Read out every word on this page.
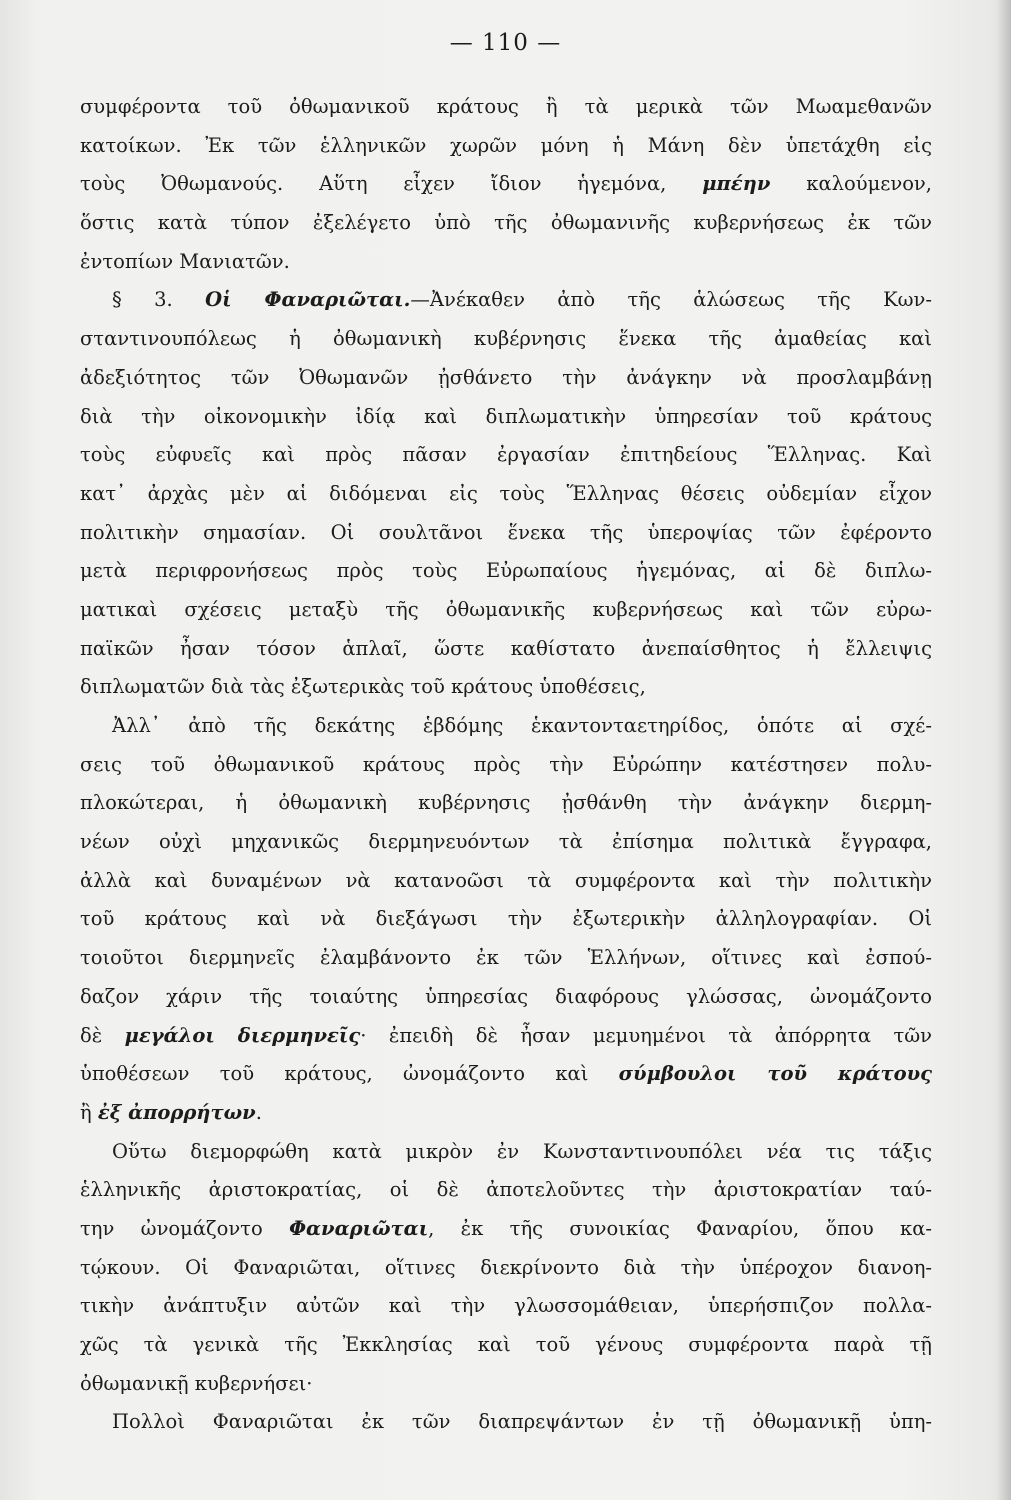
— 110 —
συμφέροντα τοῦ ὀθωμανικοῦ κράτους ἢ τὰ μερικὰ τῶν Μωαμεθανῶν
κατοίκων. Ἐκ τῶν ἑλληνικῶν χωρῶν μόνη ἡ Μάνη δὲν ὑπετάχθη εἰς
τοὺς Ὀθωμανούς. Αὕτη εἶχεν ἴδιον ἡγεμόνα, μπέην καλούμενον,
ὅστις κατὰ τύπον ἐξελέγετο ὑπὸ τῆς ὀθωμανινῆς κυβερνήσεως ἐκ τῶν
ἐντοπίων Μανιατῶν.
§ 3. Οἱ Φαναριῶται.—Ἀνέκαθεν ἀπὸ τῆς ἁλώσεως τῆς Κων-
σταντινουπόλεως ἡ ὀθωμανικὴ κυβέρνησις ἕνεκα τῆς ἀμαθείας καὶ
ἀδεξιότητος τῶν Ὀθωμανῶν ᾐσθάνετο τὴν ἀνάγκην νὰ προσλαμβάνῃ
διὰ τὴν οἰκονομικὴν ἰδίᾳ καὶ διπλωματικὴν ὑπηρεσίαν τοῦ κράτους
τοὺς εὐφυεῖς καὶ πρὸς πᾶσαν ἐργασίαν ἐπιτηδείους Ἕλληνας. Καὶ
κατ᾿ ἀρχὰς μὲν αἱ διδόμεναι εἰς τοὺς Ἕλληνας θέσεις οὐδεμίαν εἶχον
πολιτικὴν σημασίαν. Οἱ σουλτᾶνοι ἕνεκα τῆς ὑπεροψίας τῶν ἐφέροντο
μετὰ περιφρονήσεως πρὸς τοὺς Εὐρωπαίους ἡγεμόνας, αἱ δὲ διπλω-
ματικαὶ σχέσεις μεταξὺ τῆς ὀθωμανικῆς κυβερνήσεως καὶ τῶν εὐρω-
παϊκῶν ἦσαν τόσον ἁπλαῖ, ὥστε καθίστατο ἀνεπαίσθητος ἡ ἔλλειψις
διπλωματῶν διὰ τὰς ἐξωτερικὰς τοῦ κράτους ὑποθέσεις,
Ἀλλ᾿ ἀπὸ τῆς δεκάτης ἑβδόμης ἑκαντονταετηρίδος, ὁπότε αἱ σχέ-
σεις τοῦ ὀθωμανικοῦ κράτους πρὸς τὴν Εὐρώπην κατέστησεν πολυ-
πλοκώτεραι, ἡ ὀθωμανικὴ κυβέρνησις ᾐσθάνθη τὴν ἀνάγκην διερμη-
νέων οὐχὶ μηχανικῶς διερμηνευόντων τὰ ἐπίσημα πολιτικὰ ἔγγραφα,
ἀλλὰ καὶ δυναμένων νὰ κατανοῶσι τὰ συμφέροντα καὶ τὴν πολιτικὴν
τοῦ κράτους καὶ νὰ διεξάγωσι τὴν ἐξωτερικὴν ἀλληλογραφίαν. Οἱ
τοιοῦτοι διερμηνεῖς ἐλαμβάνοντο ἐκ τῶν Ἑλλήνων, οἵτινες καὶ ἐσπού-
δαζον χάριν τῆς τοιαύτης ὑπηρεσίας διαφόρους γλώσσας, ὠνομάζοντο
δὲ μεγάλοι διερμηνεῖς· ἐπειδὴ δὲ ἦσαν μεμυημένοι τὰ ἀπόρρητα τῶν
ὑποθέσεων τοῦ κράτους, ὠνομάζοντο καὶ σύμβουλοι τοῦ κράτους
ἢ ἐξ ἀπορρήτων.
Οὕτω διεμορφώθη κατὰ μικρὸν ἐν Κωνσταντινουπόλει νέα τις τάξις
ἑλληνικῆς ἀριστοκρατίας, οἱ δὲ ἀποτελοῦντες τὴν ἀριστοκρατίαν ταύ-
την ὠνομάζοντο Φαναριῶται, ἐκ τῆς συνοικίας Φαναρίου, ὅπου κα-
τῴκουν. Οἱ Φαναριῶται, οἵτινες διεκρίνοντο διὰ τὴν ὑπέροχον διανοη-
τικὴν ἀνάπτυξιν αὐτῶν καὶ τὴν γλωσσομάθειαν, ὑπερήσπιζον πολλα-
χῶς τὰ γενικὰ τῆς Ἐκκλησίας καὶ τοῦ γένους συμφέροντα παρὰ τῇ
ὀθωμανικῇ κυβερνήσει·
Πολλοὶ Φαναριῶται ἐκ τῶν διαπρεψάντων ἐν τῇ ὀθωμανικῇ ὑπη-
